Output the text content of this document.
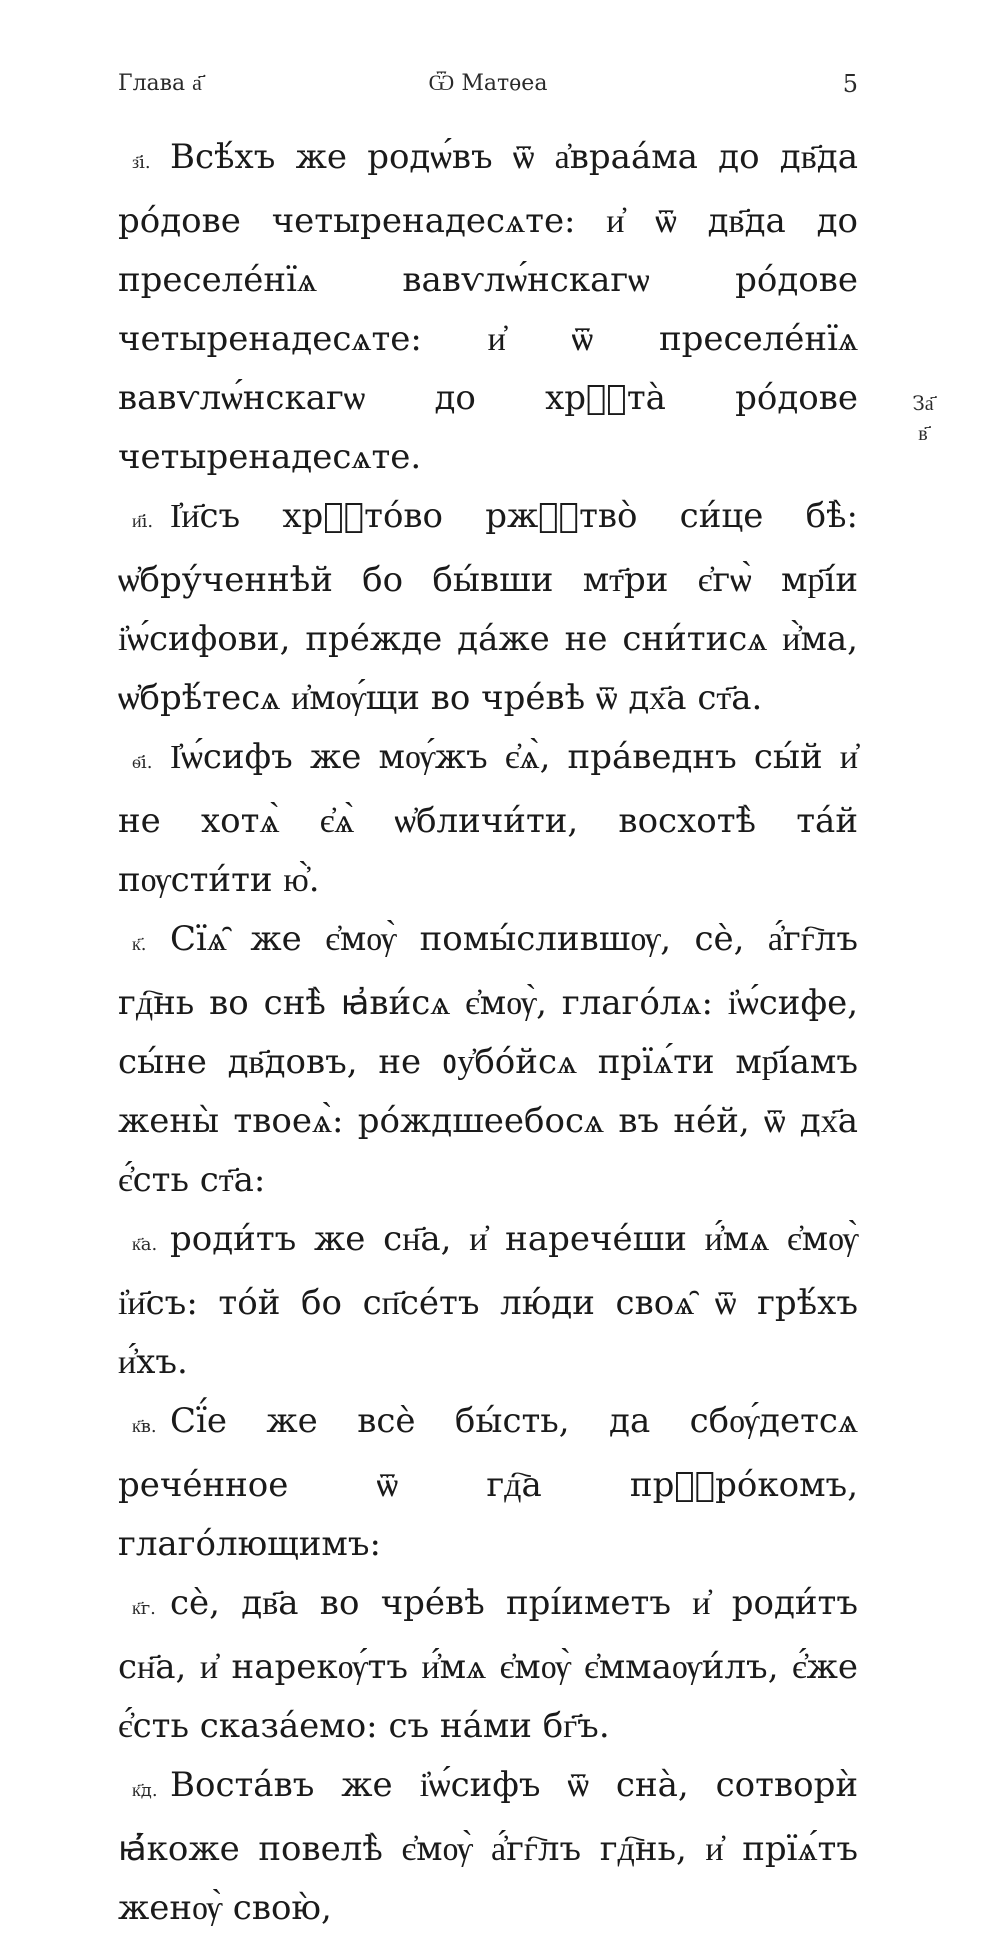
Глава а҃	Ѿ Матѳеа	5
За҃
в҃

з҃і. Всѣ́хъ же родѡ́въ ѿ а҆враа́ма до дв҃да ро́дове четыренадесѧте: и҆ ѿ дв҃да до преселе́нїѧ вавѵлѡ́нскагѡ ро́дове четыренадесѧте: и҆ ѿ преселе́нїѧ вавѵлѡ́нскагѡ до хрⷭ҇та̀ ро́дове четыренадесѧте.

и҃і. І҆и҃съ хрⷭ҇то́во рж҇ⷭтво̀ си́це бѣ̀: ѡ҆бру́ченнѣй бо бы́вши мт҃ри є҆гѡ̀ мр҃і́и і҆ѡ́сифови, пре́жде да́же не сни́тисѧ и҆̀ма, ѡ҆брѣ́тесѧ и҆мѹ́щи во чре́вѣ ѿ дх҃а ст҃а.

ѳ҃і. І҆ѡ́сифъ же мѹ́жъ є҆ѧ̀, пра́веднъ сы́й и҆ не хотѧ̀ є҆ѧ̀ ѡ҆бличи́ти, восхотѣ̀ та́й пѹсти́ти ю҆̀.

к҃. Сїѧ̑ же є҆мѹ̀ помы́слившѹ, сѐ, а҆́гг҇лъ гд҇нь во снѣ̀ ꙗ҆ви́сѧ є҆мѹ̀, глаго́лѧ: і҆ѡ́сифе, сы́не дв҃довъ, не ᲂу҆бо́йсѧ прїѧ́ти мр҃і́амъ жены̀ твоеѧ̀: ро́ждшеебосѧ въ не́й, ѿ дх҃а є҆́сть ст҃а:

к҃а. роди́тъ же сн҃а, и҆ нарече́ши и҆́мѧ є҆мѹ̀ і҆и҃съ: то́й бо сп҃се́тъ лю́ди своѧ̑ ѿ грѣ́хъ и҆́хъ.

к҃в. Сї́е же всѐ бы́сть, да сбѹ́детсѧ рече́нное ѿ гд҇а прⷪ҇ро́комъ, глаго́лющимъ:

к҃г. сѐ, дв҃а во чре́вѣ прі́иметъ и҆ роди́тъ сн҃а, и҆ нарекѹ́тъ и҆́мѧ є҆мѹ̀ є҆ммаѹи́лъ, є҆́же є҆́сть сказа́емо: съ на́ми бг҃ъ.

к҃д. Воста́въ же і҆ѡ́сифъ ѿ сна̀, сотворѝ ꙗ҆́коже повелѣ̀ є҆мѹ̀ а҆́гг҇лъ гд҇нь, и҆ прїѧ́тъ женѹ̀ свою̀,
